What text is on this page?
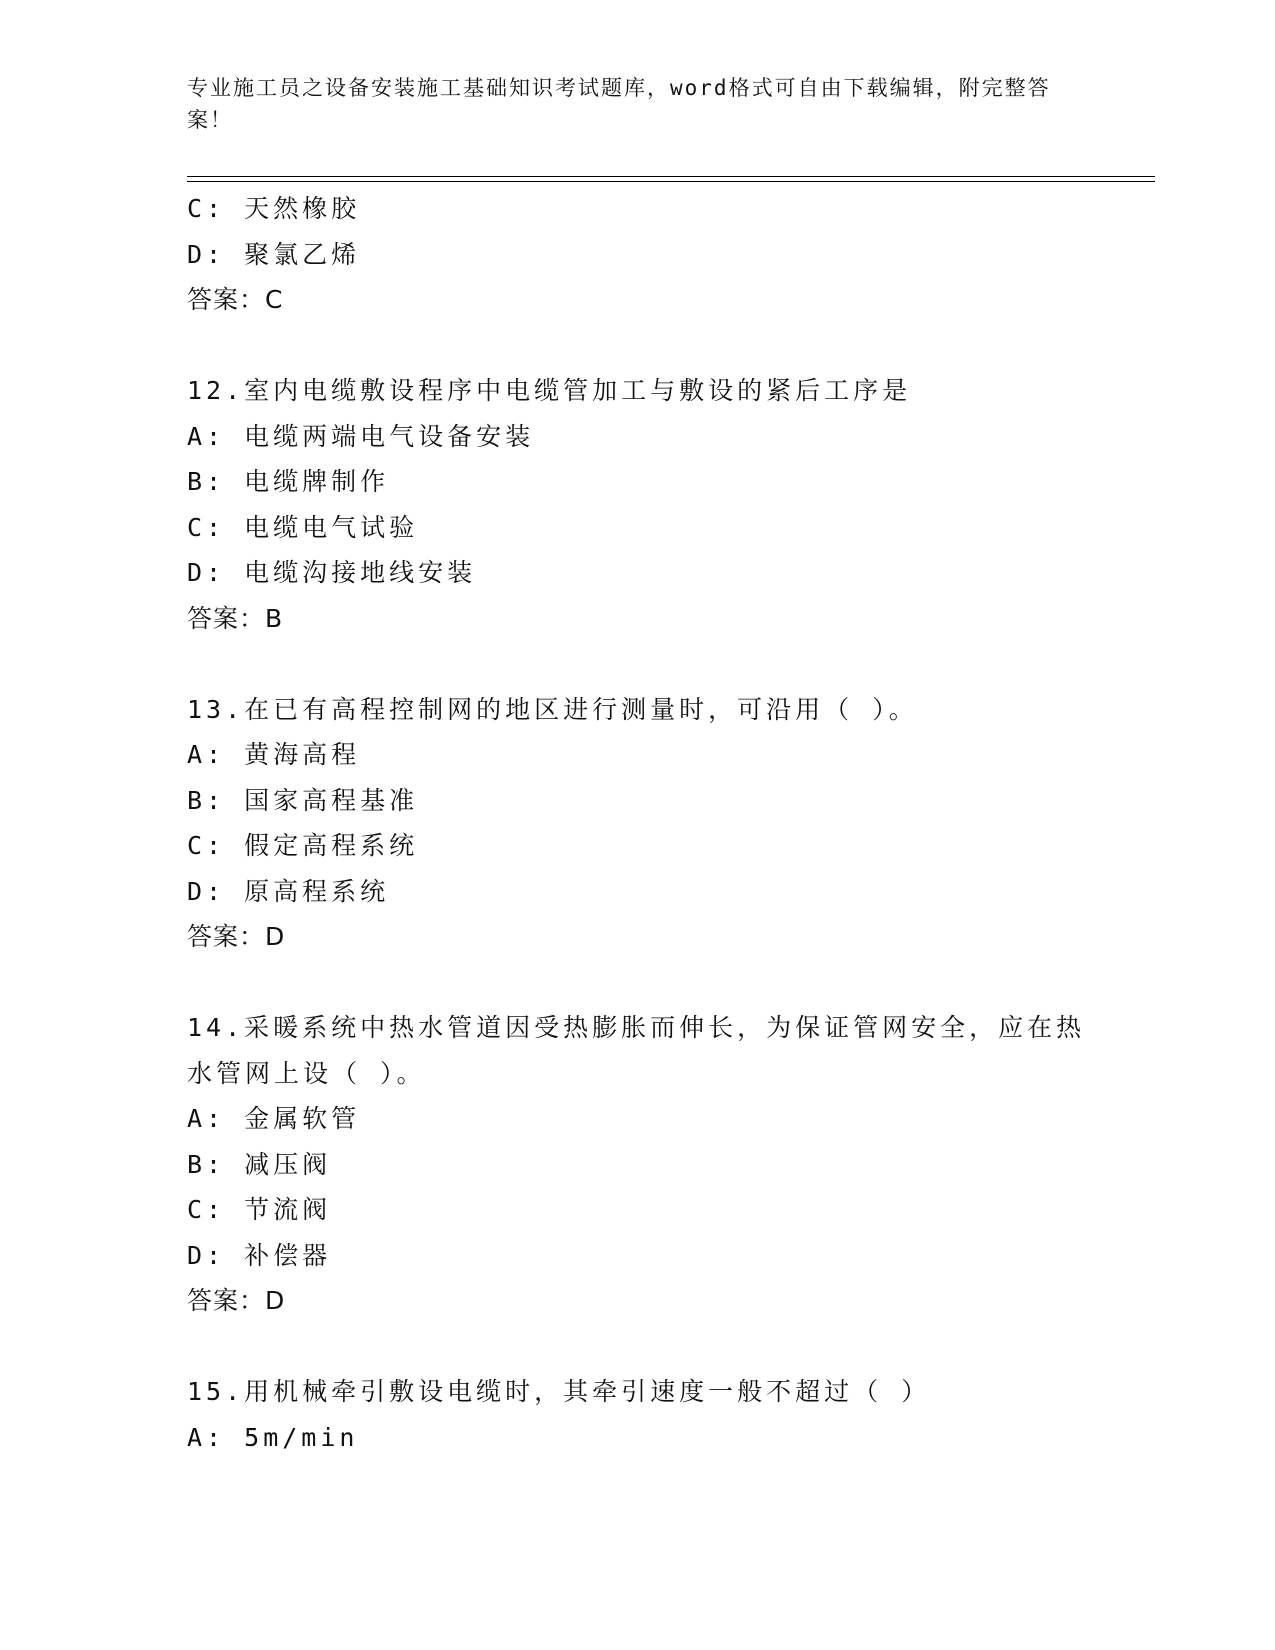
专业施工员之设备安装施工基础知识考试题库，word格式可自由下载编辑，附完整答案！
C: 天然橡胶
D: 聚氯乙烯
答案：C
12.室内电缆敷设程序中电缆管加工与敷设的紧后工序是
A: 电缆两端电气设备安装
B: 电缆牌制作
C: 电缆电气试验
D: 电缆沟接地线安装
答案：B
13.在已有高程控制网的地区进行测量时，可沿用（ ）。
A: 黄海高程
B: 国家高程基准
C: 假定高程系统
D: 原高程系统
答案：D
14.采暖系统中热水管道因受热膨胀而伸长，为保证管网安全，应在热水管网上设（ ）。
A: 金属软管
B: 减压阀
C: 节流阀
D: 补偿器
答案：D
15.用机械牵引敷设电缆时，其牵引速度一般不超过（ ）
A: 5m/min
